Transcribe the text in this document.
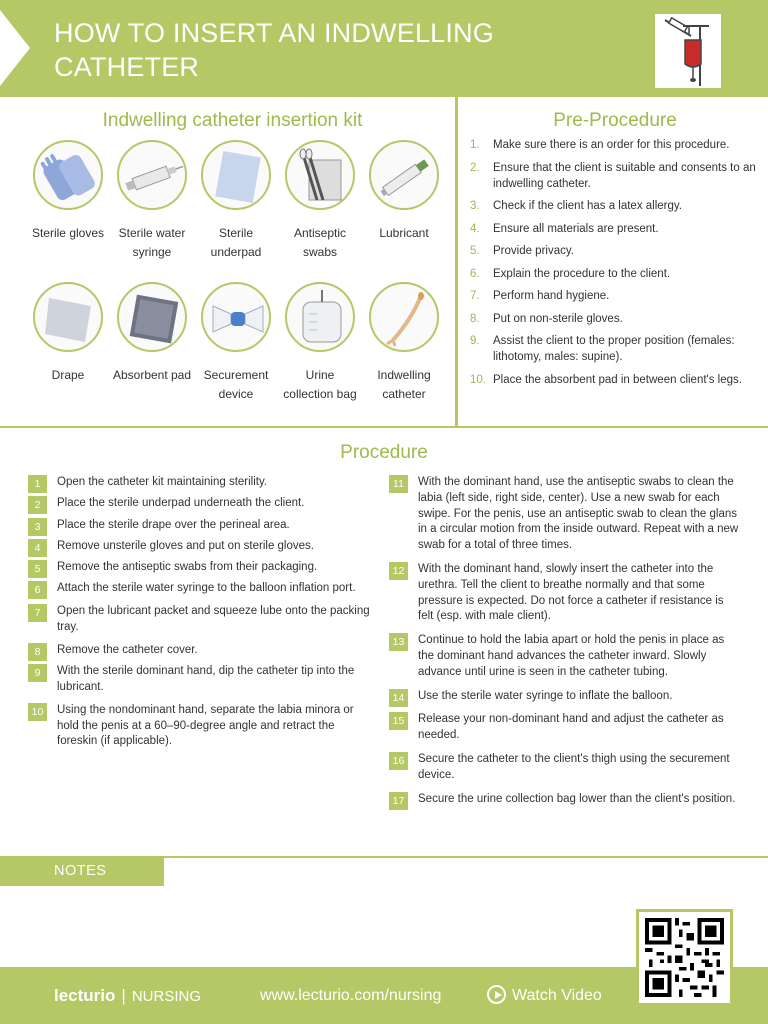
HOW TO INSERT AN INDWELLING CATHETER
Indwelling catheter insertion kit
Sterile gloves	Sterile water syringe
Sterile underpad
Antiseptic swabs
Lubricant
Drape	Absorbent pad	Securement device
Urine collection bag
Indwelling catheter
Pre-Procedure
1. Make sure there is an order for this procedure.
2. Ensure that the client is suitable and consents to an indwelling catheter.
3. Check if the client has a latex allergy.
4. Ensure all materials are present.
5. Provide privacy.
6. Explain the procedure to the client.
7. Perform hand hygiene.
8. Put on non-sterile gloves.
9. Assist the client to the proper position (females: lithotomy, males: supine).
10. Place the absorbent pad in between client's legs.
Procedure
1	Open the catheter kit maintaining sterility.
2	Place the sterile underpad underneath the client.
3	Place the sterile drape over the perineal area.
4	Remove unsterile gloves and put on sterile gloves.
5	Remove the antiseptic swabs from their packaging.
6	Attach the sterile water syringe to the balloon inflation port.
7	Open the lubricant packet and squeeze lube onto the packing tray.
8	Remove the catheter cover.
9	With the sterile dominant hand, dip the catheter tip into the lubricant.
10	Using the nondominant hand, separate the labia minora or hold the penis at a 60–90-degree angle and retract the foreskin (if applicable).
11	With the dominant hand, use the antiseptic swabs to clean the labia (left side, right side, center). Use a new swab for each swipe. For the penis, use an antiseptic swab to clean the glans in a circular motion from the inside outward. Repeat with a new swab for a total of three times.
12	With the dominant hand, slowly insert the catheter into the urethra. Tell the client to breathe normally and that some pressure is expected. Do not force a catheter if resistance is felt (esp. with male client).
13	Continue to hold the labia apart or hold the penis in place as the dominant hand advances the catheter inward. Slowly advance until urine is seen in the catheter tubing.
14	Use the sterile water syringe to inflate the balloon.
15	Release your non-dominant hand and adjust the catheter as needed.
16	Secure the catheter to the client's thigh using the securement device.
17	Secure the urine collection bag lower than the client's position.
NOTES
lecturio | NURSING	www.lecturio.com/nursing	Watch Video
